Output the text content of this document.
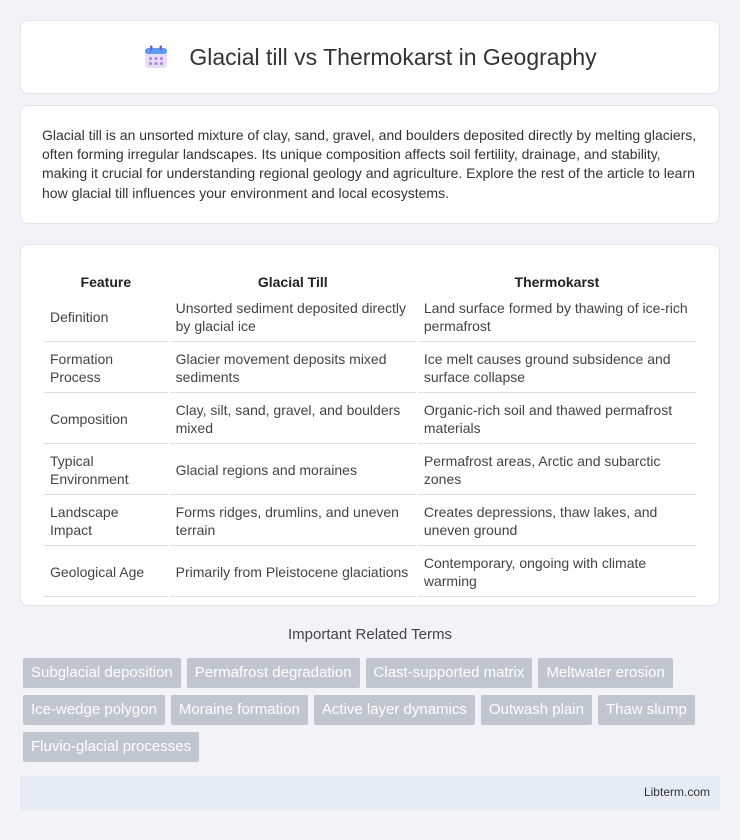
Glacial till vs Thermokarst in Geography

Glacial till is an unsorted mixture of clay, sand, gravel, and boulders deposited directly by melting glaciers, often forming irregular landscapes. Its unique composition affects soil fertility, drainage, and stability, making it crucial for understanding regional geology and agriculture. Explore the rest of the article to learn how glacial till influences your environment and local ecosystems.

Feature	Glacial Till	Thermokarst
Definition	Unsorted sediment deposited directly by glacial ice	Land surface formed by thawing of ice-rich permafrost
Formation Process	Glacier movement deposits mixed sediments	Ice melt causes ground subsidence and surface collapse
Composition	Clay, silt, sand, gravel, and boulders mixed	Organic-rich soil and thawed permafrost materials
Typical Environment	Glacial regions and moraines	Permafrost areas, Arctic and subarctic zones
Landscape Impact	Forms ridges, drumlins, and uneven terrain	Creates depressions, thaw lakes, and uneven ground
Geological Age	Primarily from Pleistocene glaciations	Contemporary, ongoing with climate warming
Important Related Terms
Subglacial deposition	Permafrost degradation	Clast-supported matrix	Meltwater erosion
Ice-wedge polygon	Moraine formation	Active layer dynamics	Outwash plain	Thaw slump
Fluvio-glacial processes
Libterm.com
